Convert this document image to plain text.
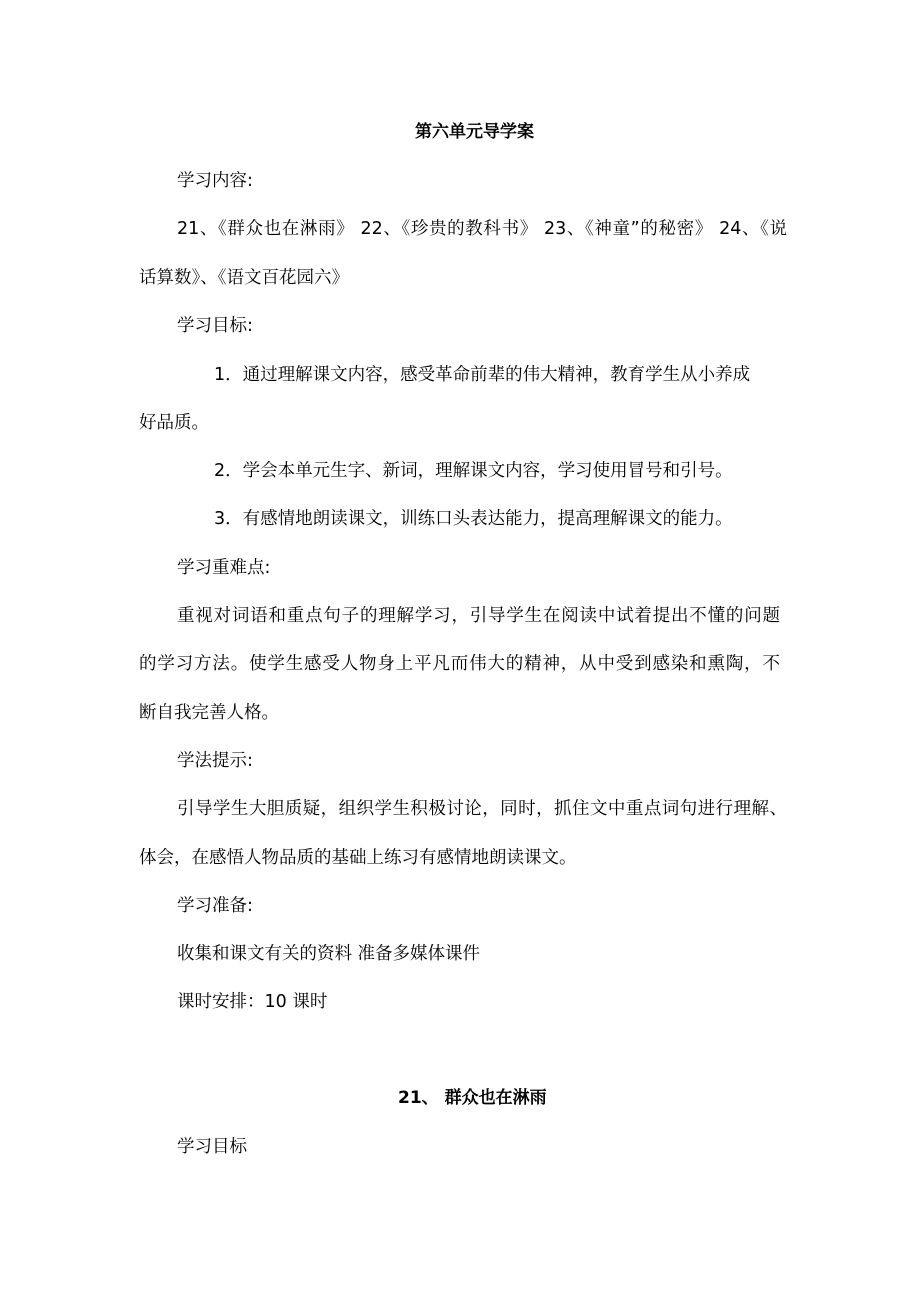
第六单元导学案
学习内容:
21、《群众也在淋雨》 22、《珍贵的教科书》 23、《神童”的秘密》 24、《说
话算数》、《语文百花园六》
学习目标:
1．通过理解课文内容，感受革命前辈的伟大精神，教育学生从小养成
好品质。
2．学会本单元生字、新词，理解课文内容，学习使用冒号和引号。
3．有感情地朗读课文，训练口头表达能力，提高理解课文的能力。
学习重难点:
重视对词语和重点句子的理解学习，引导学生在阅读中试着提出不懂的问题
的学习方法。使学生感受人物身上平凡而伟大的精神，从中受到感染和熏陶，不
断自我完善人格。
学法提示:
引导学生大胆质疑，组织学生积极讨论，同时，抓住文中重点词句进行理解、
体会，在感悟人物品质的基础上练习有感情地朗读课文。
学习准备:
收集和课文有关的资料 准备多媒体课件
课时安排：10 课时
21、 群众也在淋雨
学习目标
